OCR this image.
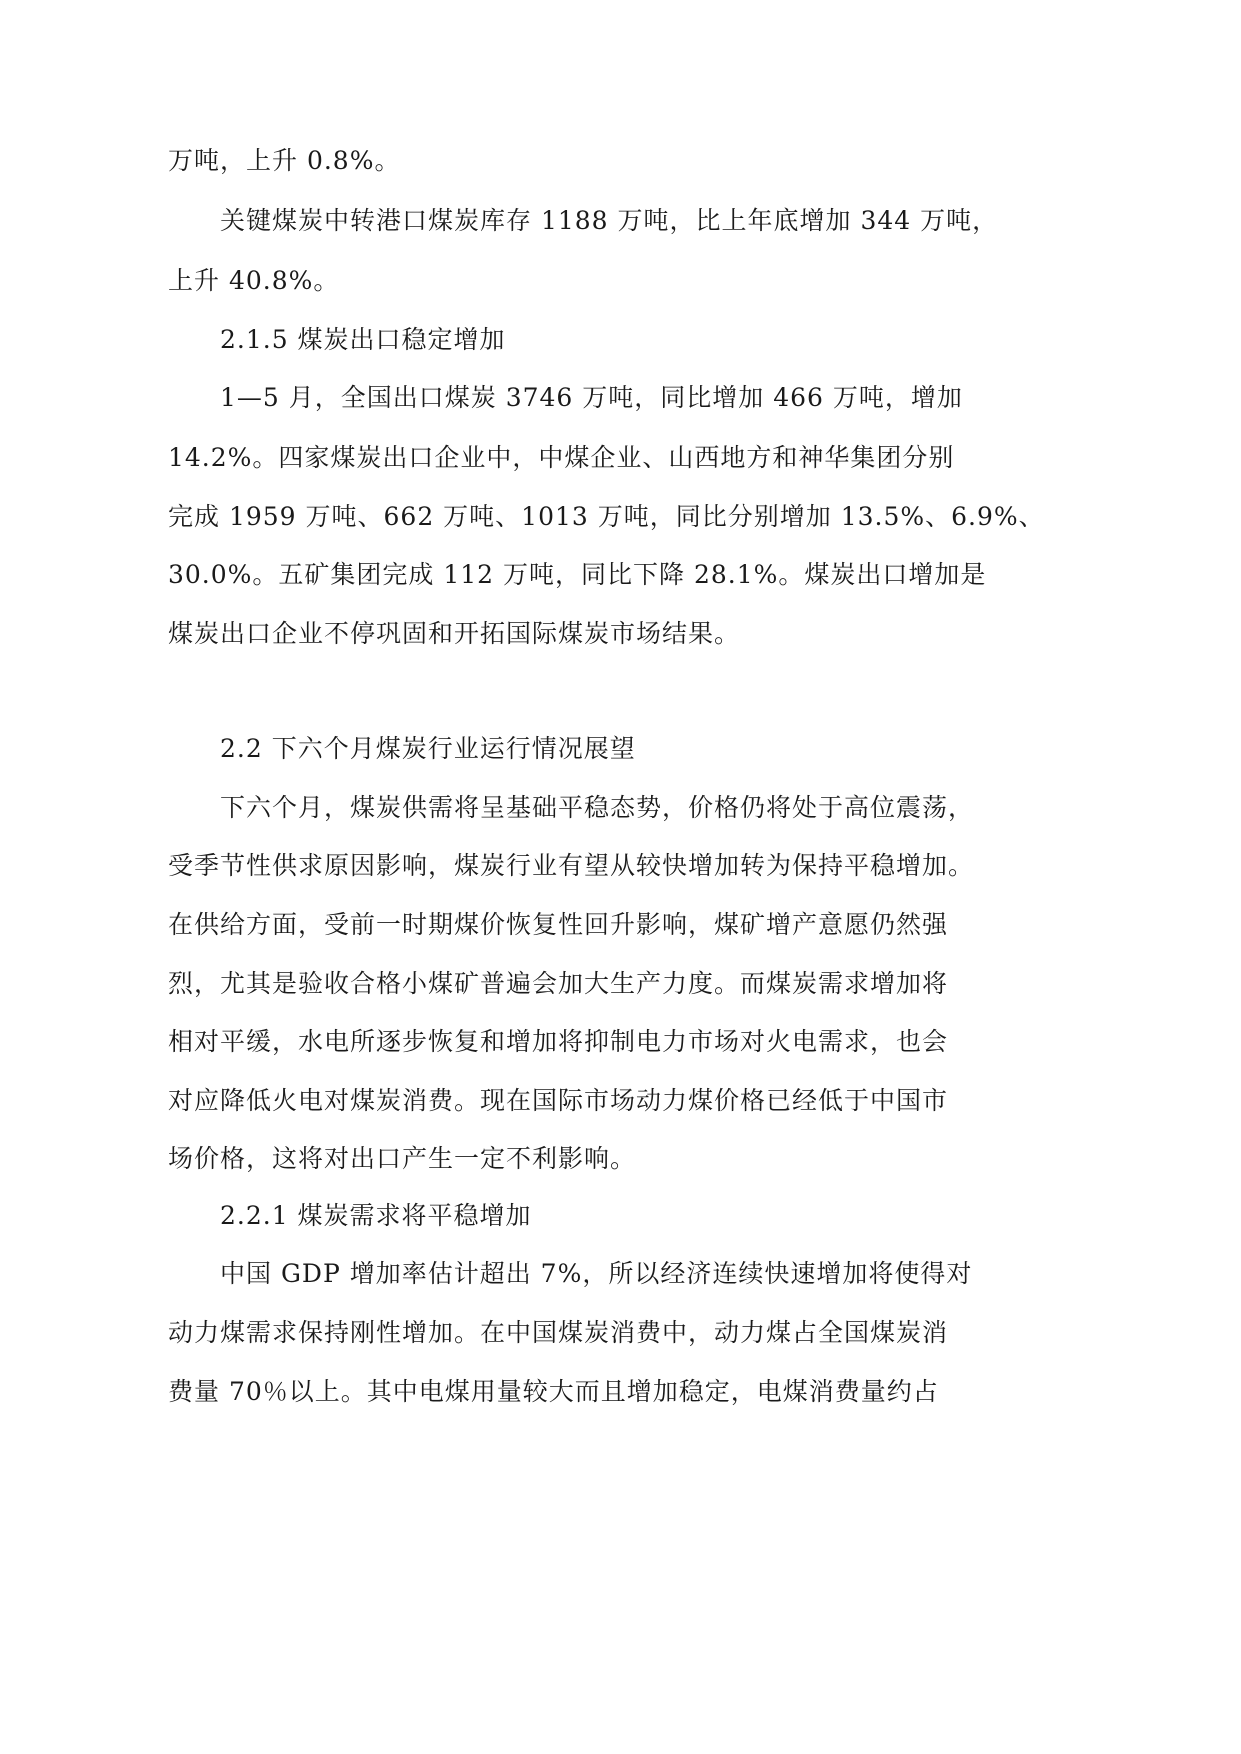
万吨，上升 0.8%。

关键煤炭中转港口煤炭库存 1188 万吨，比上年底增加 344 万吨，

上升 40.8%。

2.1.5 煤炭出口稳定增加

1—5 月，全国出口煤炭 3746 万吨，同比增加 466 万吨，增加

14.2%。四家煤炭出口企业中，中煤企业、山西地方和神华集团分别

完成 1959 万吨、662 万吨、1013 万吨，同比分别增加 13.5%、6.9%、

30.0%。五矿集团完成 112 万吨，同比下降 28.1%。煤炭出口增加是

煤炭出口企业不停巩固和开拓国际煤炭市场结果。

2.2 下六个月煤炭行业运行情况展望

下六个月，煤炭供需将呈基础平稳态势，价格仍将处于高位震荡，

受季节性供求原因影响，煤炭行业有望从较快增加转为保持平稳增加。

在供给方面，受前一时期煤价恢复性回升影响，煤矿增产意愿仍然强

烈，尤其是验收合格小煤矿普遍会加大生产力度。而煤炭需求增加将

相对平缓，水电所逐步恢复和增加将抑制电力市场对火电需求，也会

对应降低火电对煤炭消费。现在国际市场动力煤价格已经低于中国市

场价格，这将对出口产生一定不利影响。

2.2.1 煤炭需求将平稳增加

中国 GDP 增加率估计超出 7%，所以经济连续快速增加将使得对

动力煤需求保持刚性增加。在中国煤炭消费中，动力煤占全国煤炭消

费量 70％以上。其中电煤用量较大而且增加稳定，电煤消费量约占
